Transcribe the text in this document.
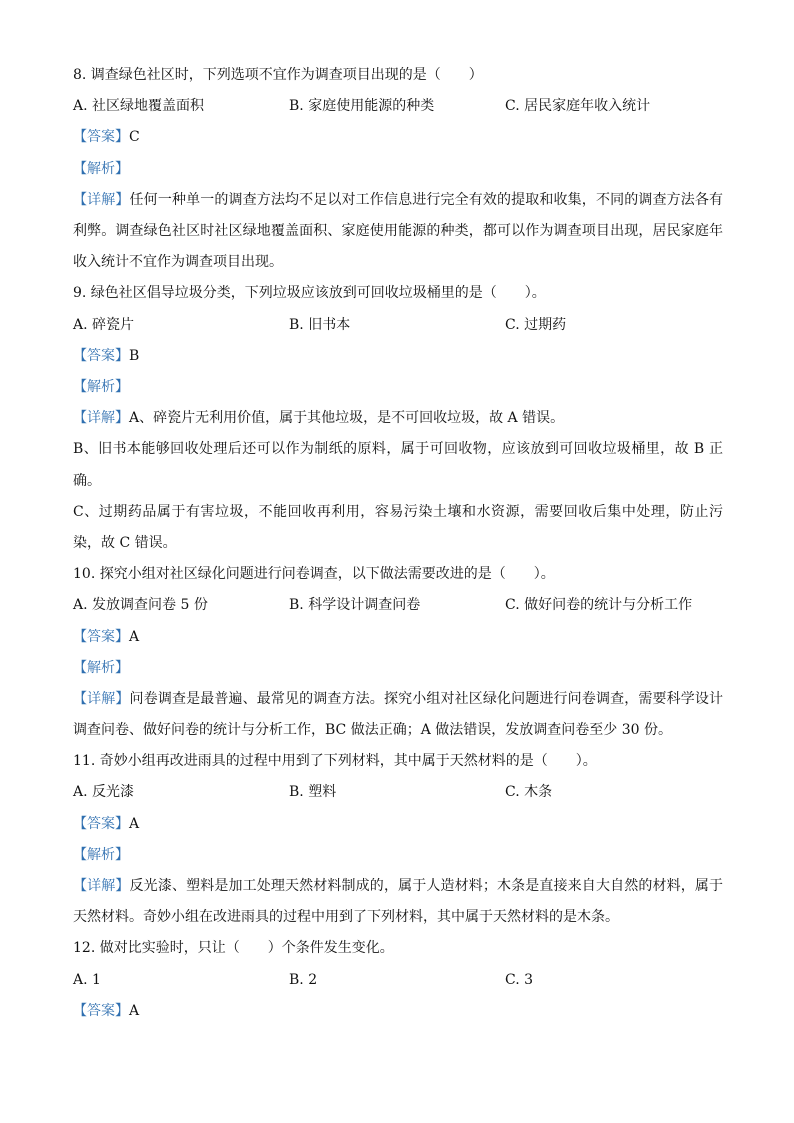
8. 调查绿色社区时，下列选项不宜作为调查项目出现的是（　　）
A. 社区绿地覆盖面积	B. 家庭使用能源的种类	C. 居民家庭年收入统计
【答案】C
【解析】
【详解】任何一种单一的调查方法均不足以对工作信息进行完全有效的提取和收集，不同的调查方法各有利弊。调查绿色社区时社区绿地覆盖面积、家庭使用能源的种类，都可以作为调查项目出现，居民家庭年收入统计不宜作为调查项目出现。
9. 绿色社区倡导垃圾分类，下列垃圾应该放到可回收垃圾桶里的是（　　）。
A. 碎瓷片	B. 旧书本	C. 过期药
【答案】B
【解析】
【详解】A、碎瓷片无利用价值，属于其他垃圾，是不可回收垃圾，故 A 错误。
B、旧书本能够回收处理后还可以作为制纸的原料，属于可回收物，应该放到可回收垃圾桶里，故 B 正确。
C、过期药品属于有害垃圾，不能回收再利用，容易污染土壤和水资源，需要回收后集中处理，防止污染，故 C 错误。
10. 探究小组对社区绿化问题进行问卷调查，以下做法需要改进的是（　　）。
A. 发放调查问卷 5 份	B. 科学设计调查问卷	C. 做好问卷的统计与分析工作
【答案】A
【解析】
【详解】问卷调查是最普遍、最常见的调查方法。探究小组对社区绿化问题进行问卷调查，需要科学设计调查问卷、做好问卷的统计与分析工作，BC 做法正确；A 做法错误，发放调查问卷至少 30 份。
11. 奇妙小组再改进雨具的过程中用到了下列材料，其中属于天然材料的是（　　）。
A. 反光漆	B. 塑料	C. 木条
【答案】A
【解析】
【详解】反光漆、塑料是加工处理天然材料制成的，属于人造材料；木条是直接来自大自然的材料，属于天然材料。奇妙小组在改进雨具的过程中用到了下列材料，其中属于天然材料的是木条。
12. 做对比实验时，只让（　　）个条件发生变化。
A. 1	B. 2	C. 3
【答案】A
